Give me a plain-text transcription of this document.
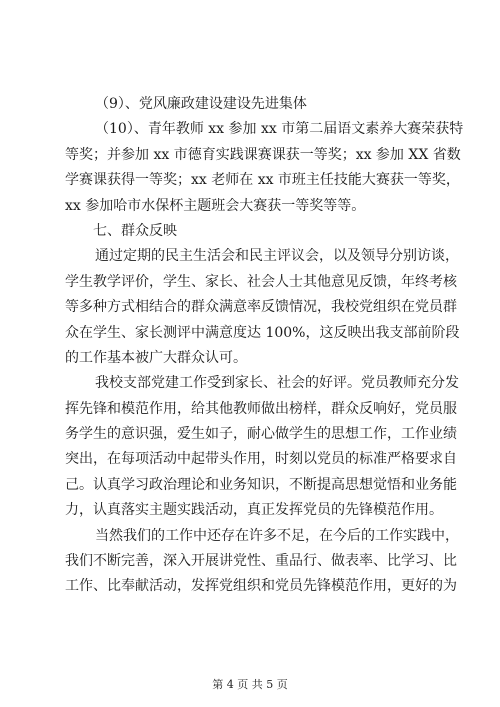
（9）、党风廉政建设建设先进集体
（10）、青年教师 xx 参加 xx 市第二届语文素养大赛荣获特
等奖；并参加 xx 市德育实践课赛课获一等奖；xx 参加 XX 省数
学赛课获得一等奖；xx 老师在 xx 市班主任技能大赛获一等奖，
xx 参加哈市水保杯主题班会大赛获一等奖等等。
七、群众反映
通过定期的民主生活会和民主评议会，以及领导分别访谈，
学生教学评价，学生、家长、社会人士其他意见反馈，年终考核
等多种方式相结合的群众满意率反馈情况，我校党组织在党员群
众在学生、家长测评中满意度达 100%，这反映出我支部前阶段
的工作基本被广大群众认可。
我校支部党建工作受到家长、社会的好评。党员教师充分发
挥先锋和模范作用，给其他教师做出榜样，群众反响好，党员服
务学生的意识强，爱生如子，耐心做学生的思想工作，工作业绩
突出，在每项活动中起带头作用，时刻以党员的标准严格要求自
己。认真学习政治理论和业务知识，不断提高思想觉悟和业务能
力，认真落实主题实践活动，真正发挥党员的先锋模范作用。
当然我们的工作中还存在许多不足，在今后的工作实践中，
我们不断完善，深入开展讲党性、重品行、做表率、比学习、比
工作、比奉献活动，发挥党组织和党员先锋模范作用，更好的为
第 4 页 共 5 页
